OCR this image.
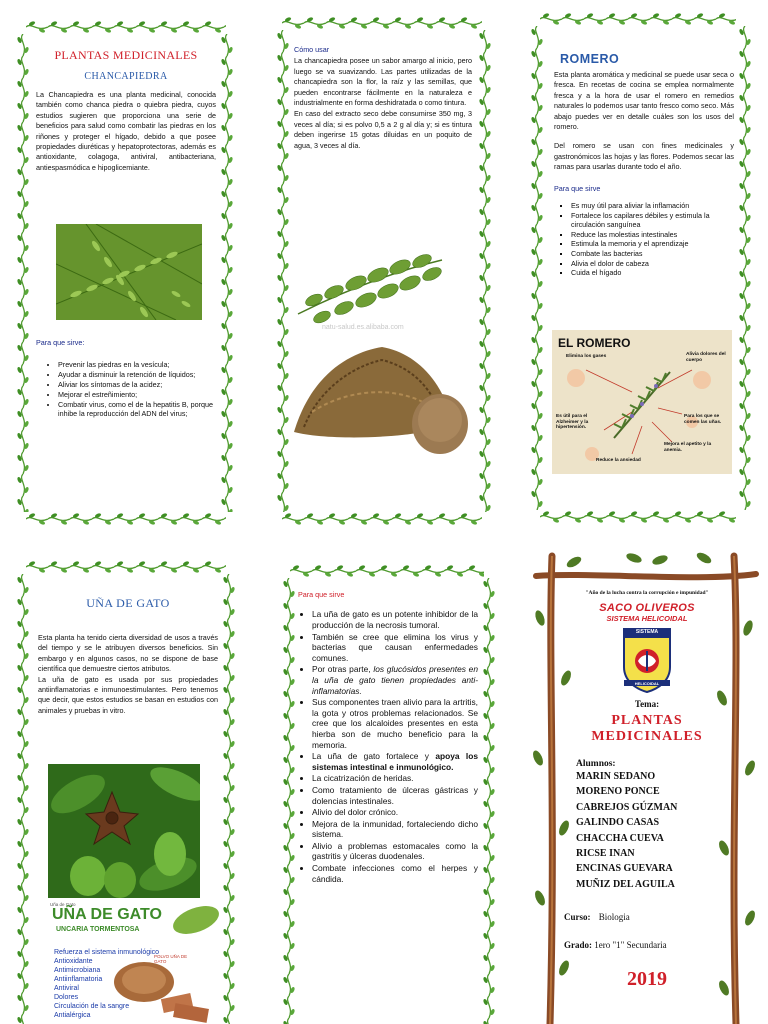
PLANTAS MEDICINALES
CHANCAPIEDRA

La Chancapiedra es una planta medicinal, conocida también como chanca piedra o quiebra piedra, cuyos estudios sugieren que proporciona una serie de beneficios para salud como combatir las piedras en los riñones y proteger el hígado, debido a que posee propiedades diuréticas y hepatoprotectoras, además es antioxidante, colagoga, antiviral, antibacteriana, antiespasmódica e hipoglicemiante.

Para que sirve:
• Prevenir las piedras en la vesícula;
• Ayudar a disminuir la retención de líquidos;
• Aliviar los síntomas de la acidez;
• Mejorar el estreñimiento;
• Combatir virus, como el de la hepatitis B, porque inhibe la reproducción del ADN del virus;
Cómo usar

La chancapiedra posee un sabor amargo al inicio, pero luego se va suavizando. Las partes utilizadas de la chancapiedra son la flor, la raíz y las semillas, que pueden encontrarse fácilmente en la naturaleza e industrialmente en forma deshidratada o como tintura.

En caso del extracto seco debe consumirse 350 mg, 3 veces al día; si es polvo 0,5 a 2 g al día y; si es tintura deben ingerirse 15 gotas diluidas en un poquito de agua, 3 veces al día.

natu-salud.es.alibaba.com
ROMERO

Esta planta aromática y medicinal se puede usar seca o fresca. En recetas de cocina se emplea normalmente fresca y a la hora de usar el romero en remedios naturales lo podemos usar tanto fresco como seco. Más abajo puedes ver en detalle cuáles son los usos del romero.

Del romero se usan con fines medicinales y gastronómicos las hojas y las flores. Podemos secar las ramas para usarlas durante todo el año.

Para que sirve
▪ Es muy útil para aliviar la inflamación
▪ Fortalece los capilares débiles y estimula la circulación sanguínea
▪ Reduce las molestias intestinales
▪ Estimula la memoria y el aprendizaje
▪ Combate las bacterias
▪ Alivia el dolor de cabeza
▪ Cuida el hígado
EL ROMERO
Elimina los gases	Alivia dolores del cuerpo
Es útil para el Alzheimer y la hipertensión.
Para los que se comen las uñas.
Mejora el apetito y la anemia.
Reduce la ansiedad
UÑA DE GATO

Esta planta ha tenido cierta diversidad de usos a través del tiempo y se le atribuyen diversos beneficios. Sin embargo y en algunos casos, no se dispone de base científica que demuestre ciertos atributos.

La uña de gato es usada por sus propiedades antiinflamatorias e inmunoestimulantes. Pero tenemos que decir, que estos estudios se basan en estudios con animales y pruebas in vitro.

Uña de Gato
UÑA DE GATO
UNCARIA TORMENTOSA
POLVO UÑA DE GATO
Refuerza el sistema inmunológico
Antioxidante
Antimicrobiana
Antiinflamatoria
Antiviral
Dolores
Circulación de la sangre
Antialérgica
Para que sirve
• La uña de gato es un potente inhibidor de la producción de la necrosis tumoral.
• También se cree que elimina los virus y bacterias que causan enfermedades comunes.
• Por otras parte, los glucósidos presentes en la uña de gato tienen propiedades anti-inflamatorias.
• Sus componentes traen alivio para la artritis, la gota y otros problemas relacionados. Se cree que los alcaloides presentes en esta hierba son de mucho beneficio para la memoria.
• La uña de gato fortalece y apoya los sistemas intestinal e inmunológico.
• La cicatrización de heridas.
• Como tratamiento de úlceras gástricas y dolencias intestinales.
• Alivio del dolor crónico.
• Mejora de la inmunidad, fortaleciendo dicho sistema.
• Alivio a problemas estomacales como la gastritis y úlceras duodenales.
• Combate infecciones como el herpes y cándida.
"Año de la lucha contra la corrupción e impunidad"
SACO OLIVEROS
SISTEMA HELICOIDAL
SISTEMA
HELICOIDAL
Tema:
PLANTAS
MEDICINALES
Alumnos:
MARIN SEDANO
MORENO PONCE
CABREJOS GÚZMAN
GALINDO CASAS
CHACCHA CUEVA
RICSE INAN
ENCINAS GUEVARA
MUÑIZ DEL AGUILA
Curso: Biologia
Grado: 1ero "1" Secundaria
2019
